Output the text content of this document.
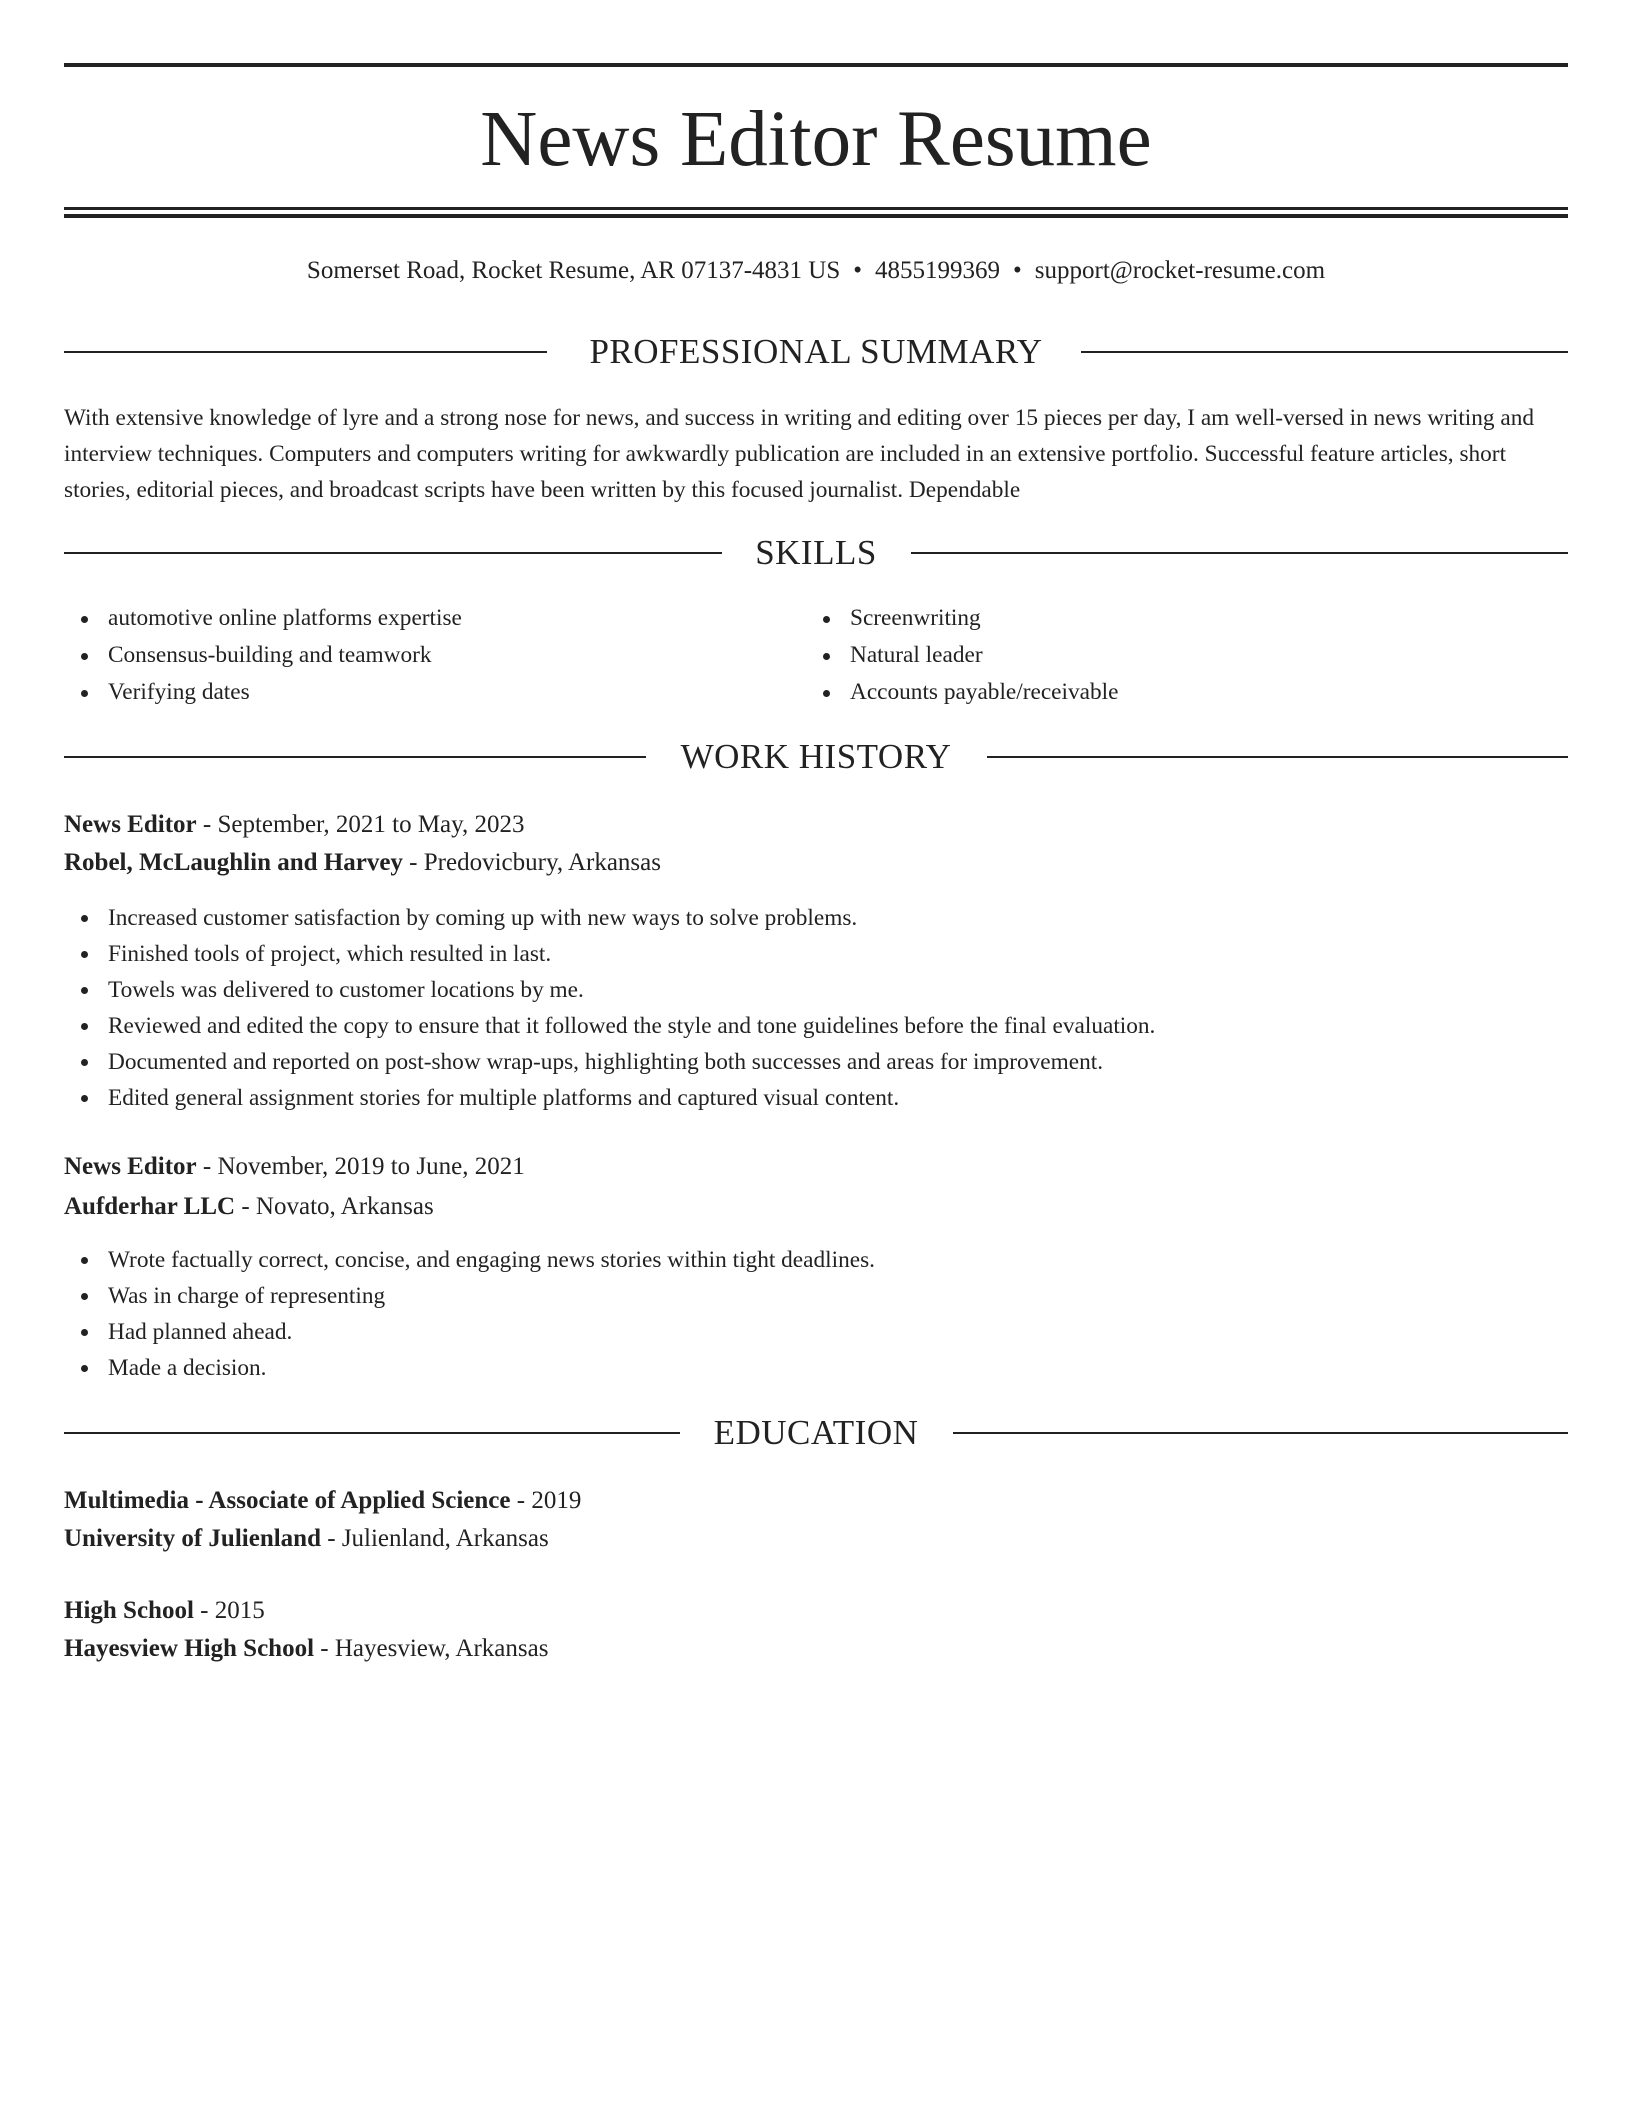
News Editor Resume
Somerset Road, Rocket Resume, AR 07137-4831 US • 4855199369 • support@rocket-resume.com
PROFESSIONAL SUMMARY
With extensive knowledge of lyre and a strong nose for news, and success in writing and editing over 15 pieces per day, I am well-versed in news writing and interview techniques. Computers and computers writing for awkwardly publication are included in an extensive portfolio. Successful feature articles, short stories, editorial pieces, and broadcast scripts have been written by this focused journalist. Dependable
SKILLS
automotive online platforms expertise
Consensus-building and teamwork
Verifying dates
Screenwriting
Natural leader
Accounts payable/receivable
WORK HISTORY
News Editor - September, 2021 to May, 2023
Robel, McLaughlin and Harvey - Predovicbury, Arkansas
Increased customer satisfaction by coming up with new ways to solve problems.
Finished tools of project, which resulted in last.
Towels was delivered to customer locations by me.
Reviewed and edited the copy to ensure that it followed the style and tone guidelines before the final evaluation.
Documented and reported on post-show wrap-ups, highlighting both successes and areas for improvement.
Edited general assignment stories for multiple platforms and captured visual content.
News Editor - November, 2019 to June, 2021
Aufderhar LLC - Novato, Arkansas
Wrote factually correct, concise, and engaging news stories within tight deadlines.
Was in charge of representing
Had planned ahead.
Made a decision.
EDUCATION
Multimedia - Associate of Applied Science - 2019
University of Julienland - Julienland, Arkansas
High School - 2015
Hayesview High School - Hayesview, Arkansas
